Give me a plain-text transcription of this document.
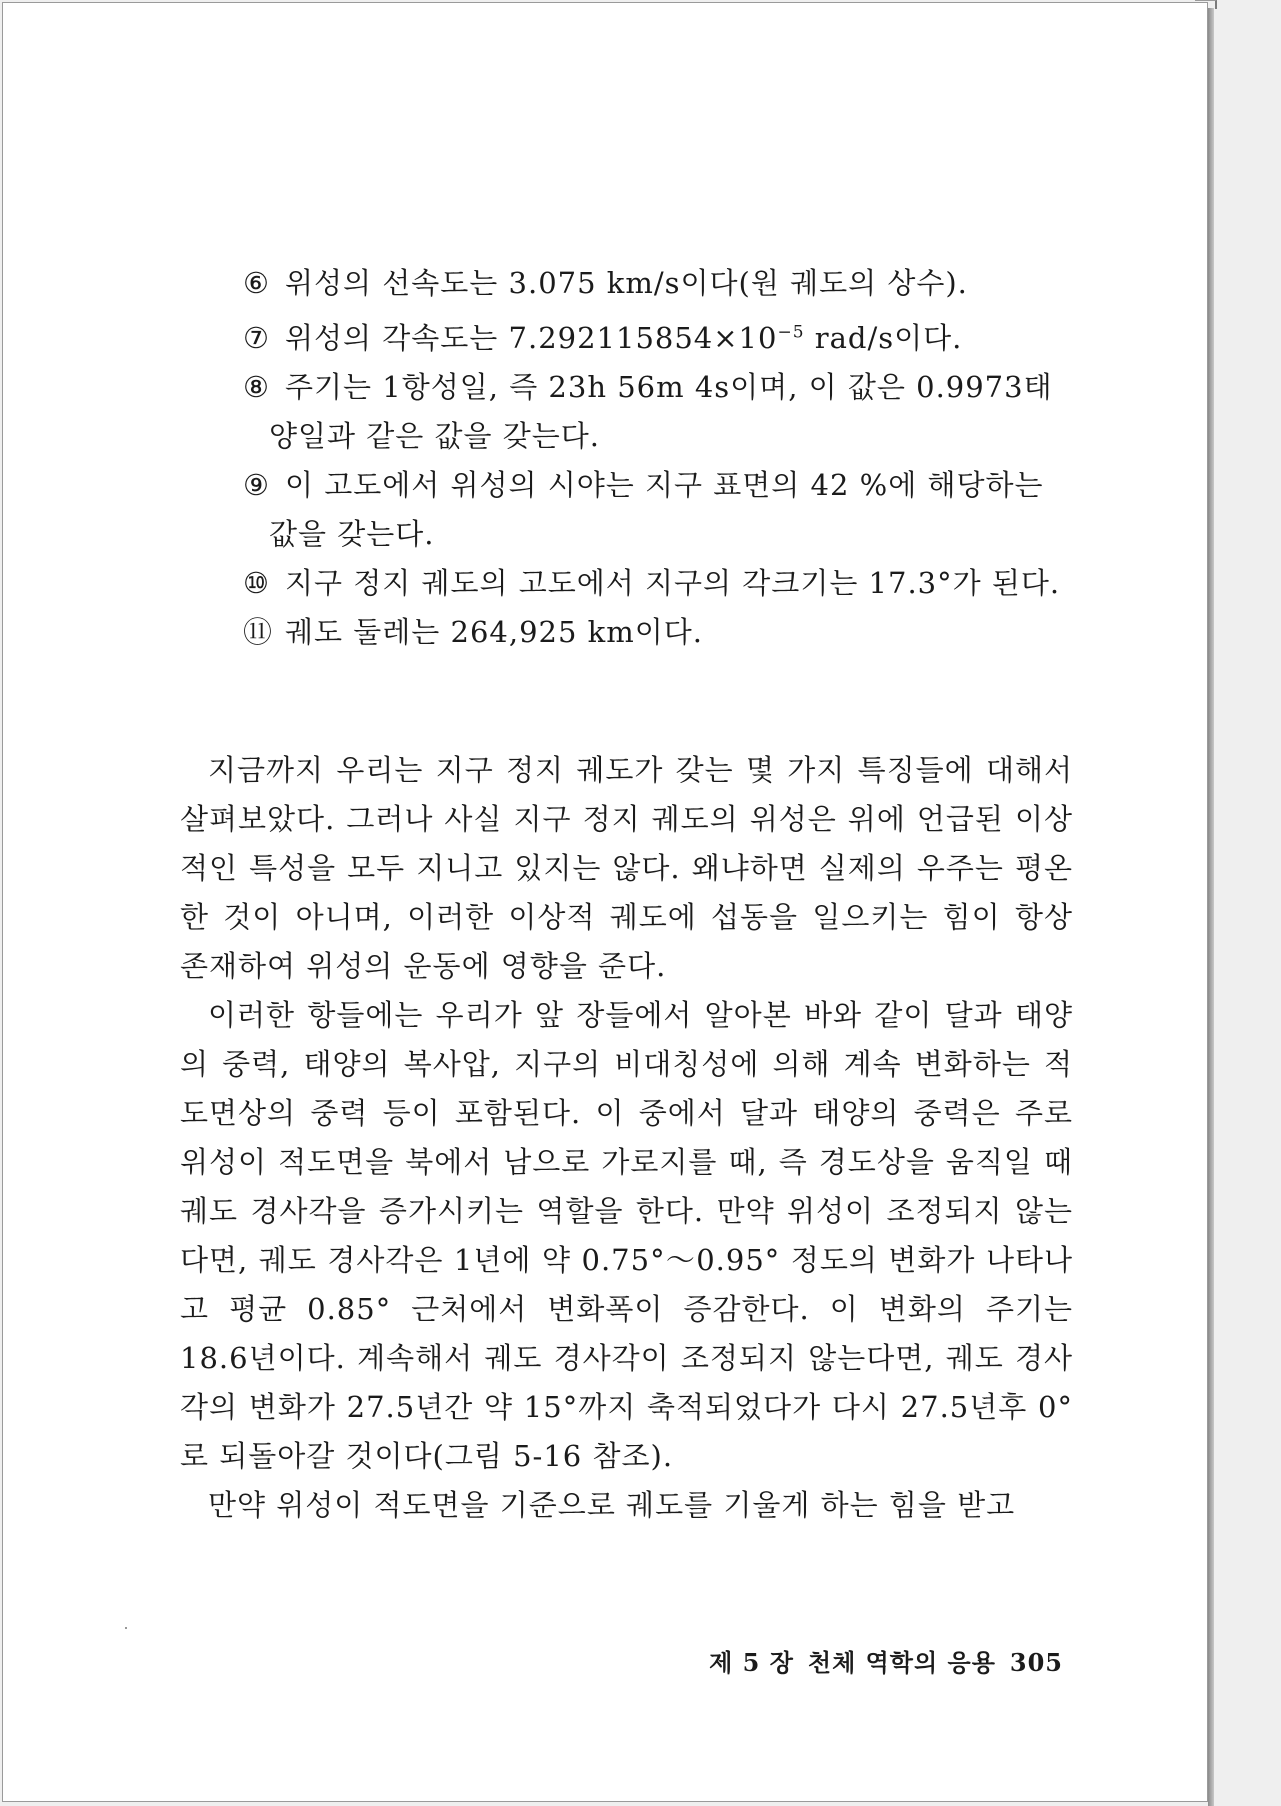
⑥ 위성의 선속도는 3.075 km/s이다(원 궤도의 상수).
⑦ 위성의 각속도는 $7.292115854\times 10^{-5}$ rad/s이다.
⑧ 주기는 1항성일, 즉 23h 56m 4s이며, 이 값은 0.9973태양일과 같은 값을 갖는다.
⑨ 이 고도에서 위성의 시야는 지구 표면의 42 %에 해당하는 값을 갖는다.
⑩ 지구 정지 궤도의 고도에서 지구의 각크기는 17.3°가 된다.
⑪ 궤도 둘레는 264,925 km이다.

지금까지 우리는 지구 정지 궤도가 갖는 몇 가지 특징들에 대해서 살펴보았다. 그러나 사실 지구 정지 궤도의 위성은 위에 언급된 이상적인 특성을 모두 지니고 있지는 않다. 왜냐하면 실제의 우주는 평온한 것이 아니며, 이러한 이상적 궤도에 섭동을 일으키는 힘이 항상 존재하여 위성의 운동에 영향을 준다.

이러한 항들에는 우리가 앞 장들에서 알아본 바와 같이 달과 태양의 중력, 태양의 복사압, 지구의 비대칭성에 의해 계속 변화하는 적도면상의 중력 등이 포함된다. 이 중에서 달과 태양의 중력은 주로 위성이 적도면을 북에서 남으로 가로지를 때, 즉 경도상을 움직일 때 궤도 경사각을 증가시키는 역할을 한다. 만약 위성이 조정되지 않는다면, 궤도 경사각은 1년에 약 0.75°～0.95° 정도의 변화가 나타나고 평균 0.85° 근처에서 변화폭이 증감한다. 이 변화의 주기는 18.6년이다. 계속해서 궤도 경사각이 조정되지 않는다면, 궤도 경사각의 변화가 27.5년간 약 15°까지 축적되었다가 다시 27.5년후 0°로 되돌아갈 것이다(그림 5-16 참조).

만약 위성이 적도면을 기준으로 궤도를 기울게 하는 힘을 받고

제 5 장 천체 역학의 응용 305
